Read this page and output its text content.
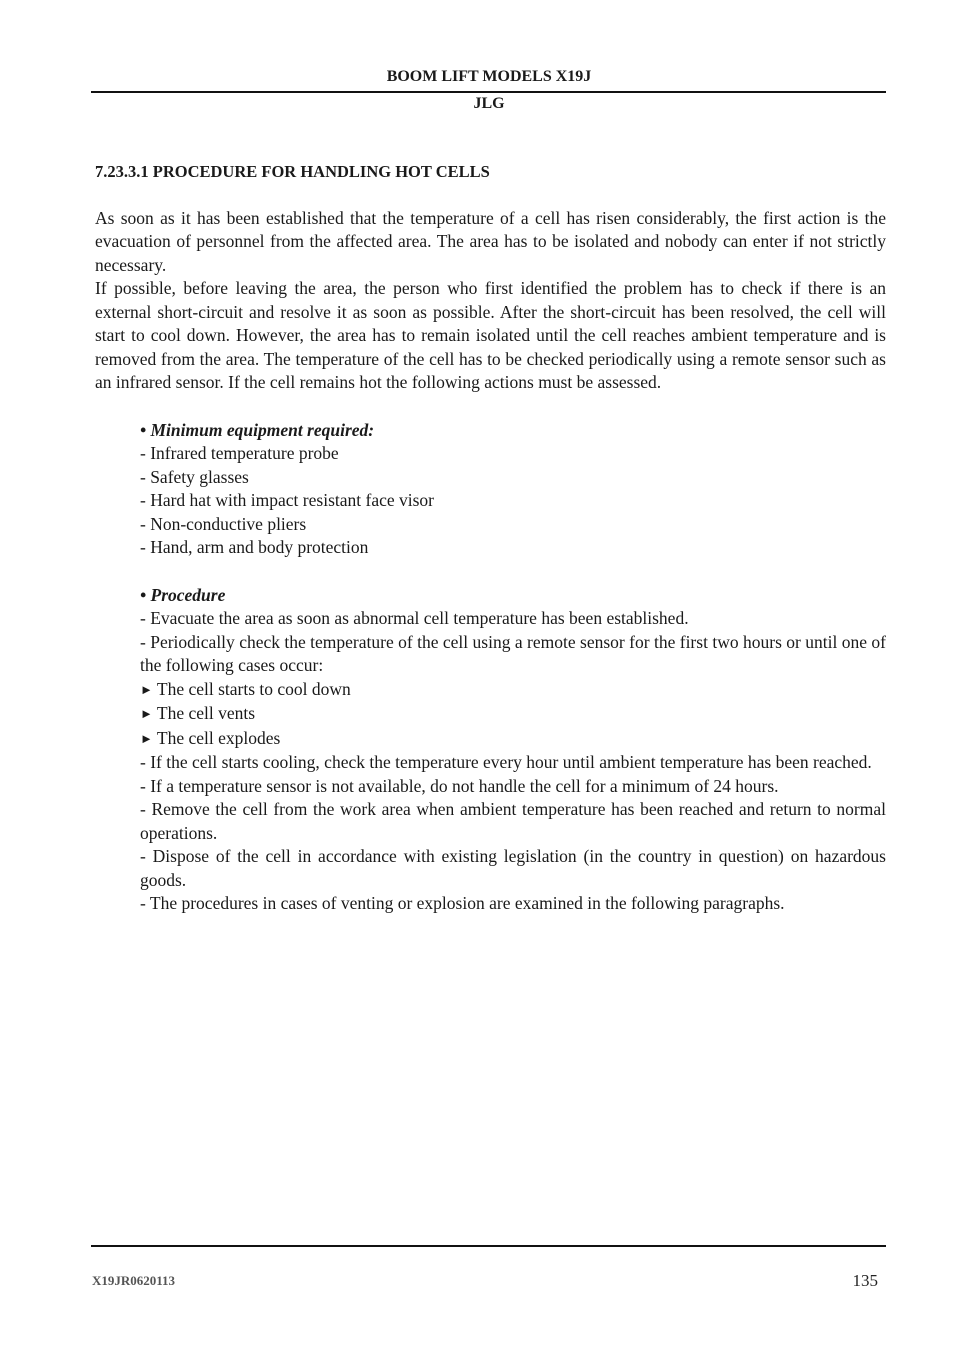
BOOM LIFT MODELS X19J
JLG
7.23.3.1 PROCEDURE FOR HANDLING HOT CELLS

As soon as it has been established that the temperature of a cell has risen considerably, the first action is the evacuation of personnel from the affected area. The area has to be isolated and nobody can enter if not strictly necessary.

If possible, before leaving the area, the person who first identified the problem has to check if there is an external short-circuit and resolve it as soon as possible. After the short-circuit has been resolved, the cell will start to cool down. However, the area has to remain isolated until the cell reaches ambient temperature and is removed from the area. The temperature of the cell has to be checked periodically using a remote sensor such as an infrared sensor. If the cell remains hot the following actions must be assessed.

• Minimum equipment required:
- Infrared temperature probe
- Safety glasses
- Hard hat with impact resistant face visor
- Non-conductive pliers
- Hand, arm and body protection
• Procedure
- Evacuate the area as soon as abnormal cell temperature has been established.
- Periodically check the temperature of the cell using a remote sensor for the first two hours or until one of the following cases occur:
► The cell starts to cool down
► The cell vents
► The cell explodes
- If the cell starts cooling, check the temperature every hour until ambient temperature has been reached.
- If a temperature sensor is not available, do not handle the cell for a minimum of 24 hours.
- Remove the cell from the work area when ambient temperature has been reached and return to normal operations.
- Dispose of the cell in accordance with existing legislation (in the country in question) on hazardous goods.
- The procedures in cases of venting or explosion are examined in the following paragraphs.
X19JR0620113	135
